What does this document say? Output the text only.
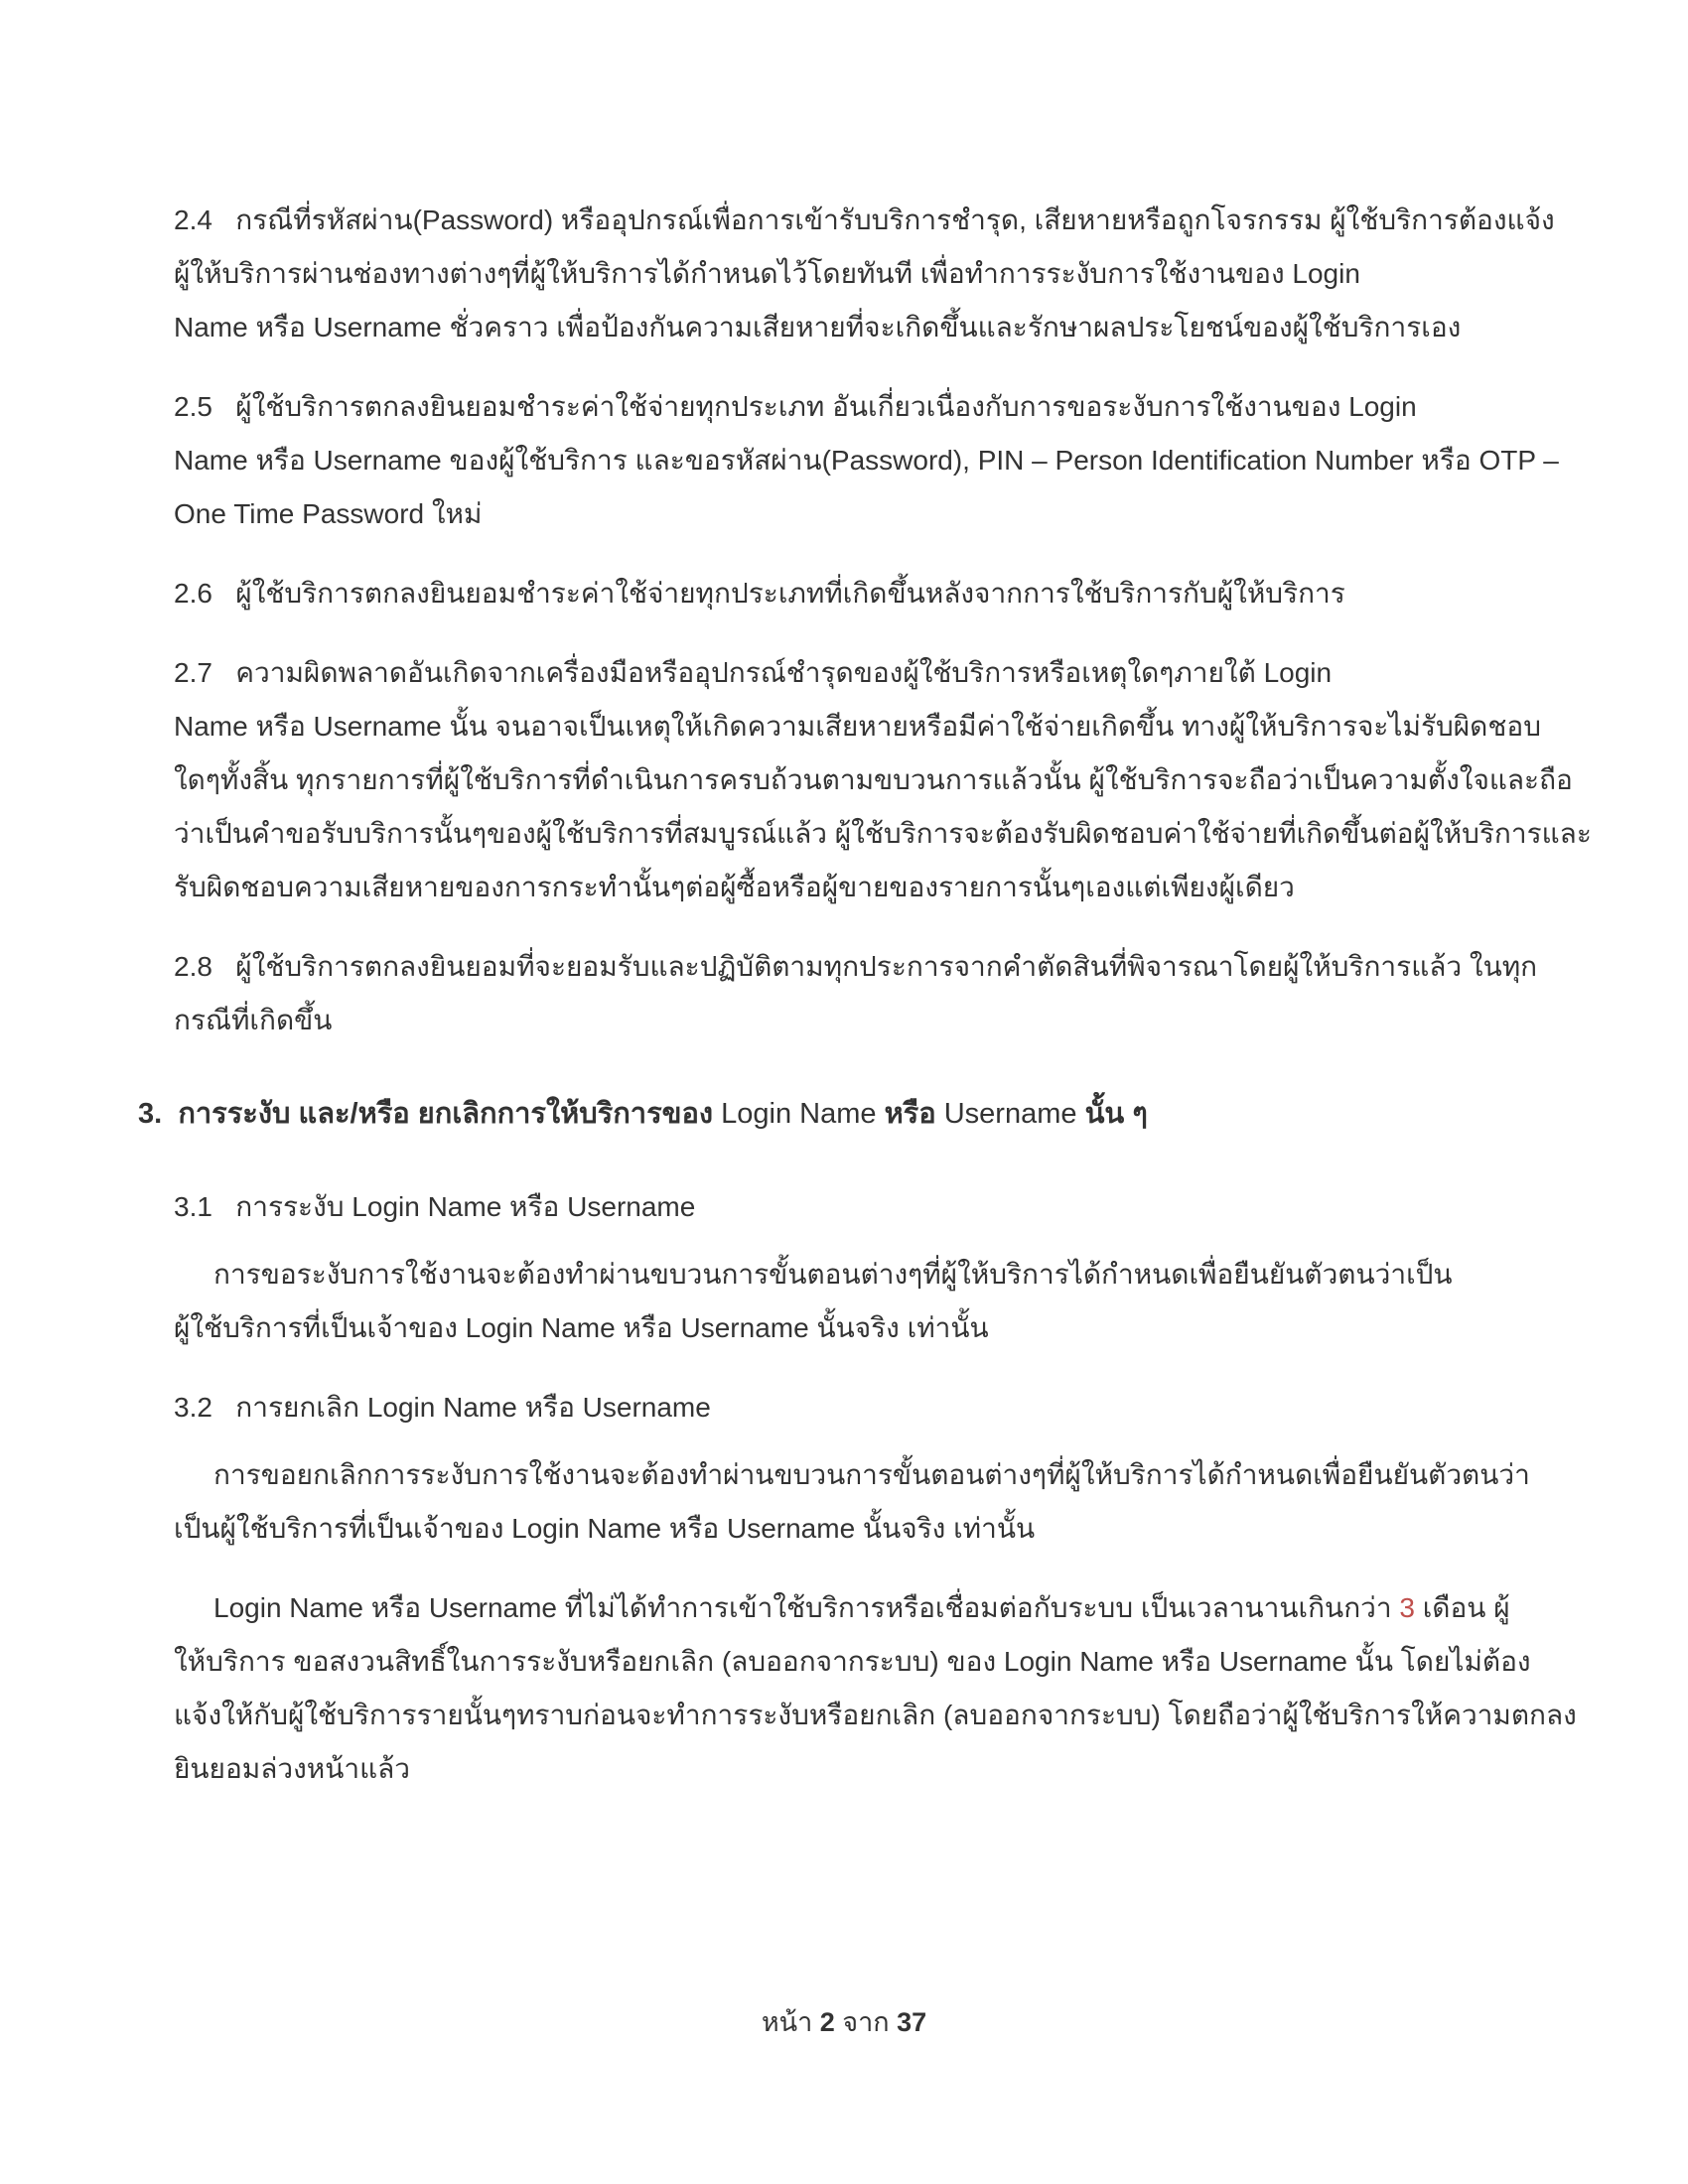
2.4 กรณีที่รหัสผ่าน(Password) หรืออุปกรณ์เพื่อการเข้ารับบริการชำรุด, เสียหายหรือถูกโจรกรรม ผู้ใช้บริการต้องแจ้ง
ผู้ให้บริการผ่านช่องทางต่างๆที่ผู้ให้บริการได้กำหนดไว้โดยทันที เพื่อทำการระงับการใช้งานของ Login
Name หรือ Username ชั่วคราว เพื่อป้องกันความเสียหายที่จะเกิดขึ้นและรักษาผลประโยชน์ของผู้ใช้บริการเอง
2.5 ผู้ใช้บริการตกลงยินยอมชำระค่าใช้จ่ายทุกประเภท อันเกี่ยวเนื่องกับการขอระงับการใช้งานของ Login
Name หรือ Username ของผู้ใช้บริการ และขอรหัสผ่าน(Password), PIN – Person Identification Number หรือ OTP –
One Time Password ใหม่
2.6 ผู้ใช้บริการตกลงยินยอมชำระค่าใช้จ่ายทุกประเภทที่เกิดขึ้นหลังจากการใช้บริการกับผู้ให้บริการ
2.7 ความผิดพลาดอันเกิดจากเครื่องมือหรืออุปกรณ์ชำรุดของผู้ใช้บริการหรือเหตุใดๆภายใต้ Login
Name หรือ Username นั้น จนอาจเป็นเหตุให้เกิดความเสียหายหรือมีค่าใช้จ่ายเกิดขึ้น ทางผู้ให้บริการจะไม่รับผิดชอบ
ใดๆทั้งสิ้น ทุกรายการที่ผู้ใช้บริการที่ดำเนินการครบถ้วนตามขบวนการแล้วนั้น ผู้ใช้บริการจะถือว่าเป็นความตั้งใจและถือ
ว่าเป็นคำขอรับบริการนั้นๆของผู้ใช้บริการที่สมบูรณ์แล้ว ผู้ใช้บริการจะต้องรับผิดชอบค่าใช้จ่ายที่เกิดขึ้นต่อผู้ให้บริการและ
รับผิดชอบความเสียหายของการกระทำนั้นๆต่อผู้ซื้อหรือผู้ขายของรายการนั้นๆเองแต่เพียงผู้เดียว
2.8 ผู้ใช้บริการตกลงยินยอมที่จะยอมรับและปฏิบัติตามทุกประการจากคำตัดสินที่พิจารณาโดยผู้ให้บริการแล้ว ในทุก
กรณีที่เกิดขึ้น
3. การระงับ และ/หรือ ยกเลิกการให้บริการของ Login Name หรือ Username นั้น ๆ
3.1 การระงับ Login Name หรือ Username
การขอระงับการใช้งานจะต้องทำผ่านขบวนการขั้นตอนต่างๆที่ผู้ให้บริการได้กำหนดเพื่อยืนยันตัวตนว่าเป็น
ผู้ใช้บริการที่เป็นเจ้าของ Login Name หรือ Username นั้นจริง เท่านั้น
3.2 การยกเลิก Login Name หรือ Username
การขอยกเลิกการระงับการใช้งานจะต้องทำผ่านขบวนการขั้นตอนต่างๆที่ผู้ให้บริการได้กำหนดเพื่อยืนยันตัวตนว่า
เป็นผู้ใช้บริการที่เป็นเจ้าของ Login Name หรือ Username นั้นจริง เท่านั้น
Login Name หรือ Username ที่ไม่ได้ทำการเข้าใช้บริการหรือเชื่อมต่อกับระบบ เป็นเวลานานเกินกว่า 3 เดือน ผู้
ให้บริการ ขอสงวนสิทธิ์ในการระงับหรือยกเลิก (ลบออกจากระบบ) ของ Login Name หรือ Username นั้น โดยไม่ต้อง
แจ้งให้กับผู้ใช้บริการรายนั้นๆทราบก่อนจะทำการระงับหรือยกเลิก (ลบออกจากระบบ) โดยถือว่าผู้ใช้บริการให้ความตกลง
ยินยอมล่วงหน้าแล้ว
หน้า 2 จาก 37
